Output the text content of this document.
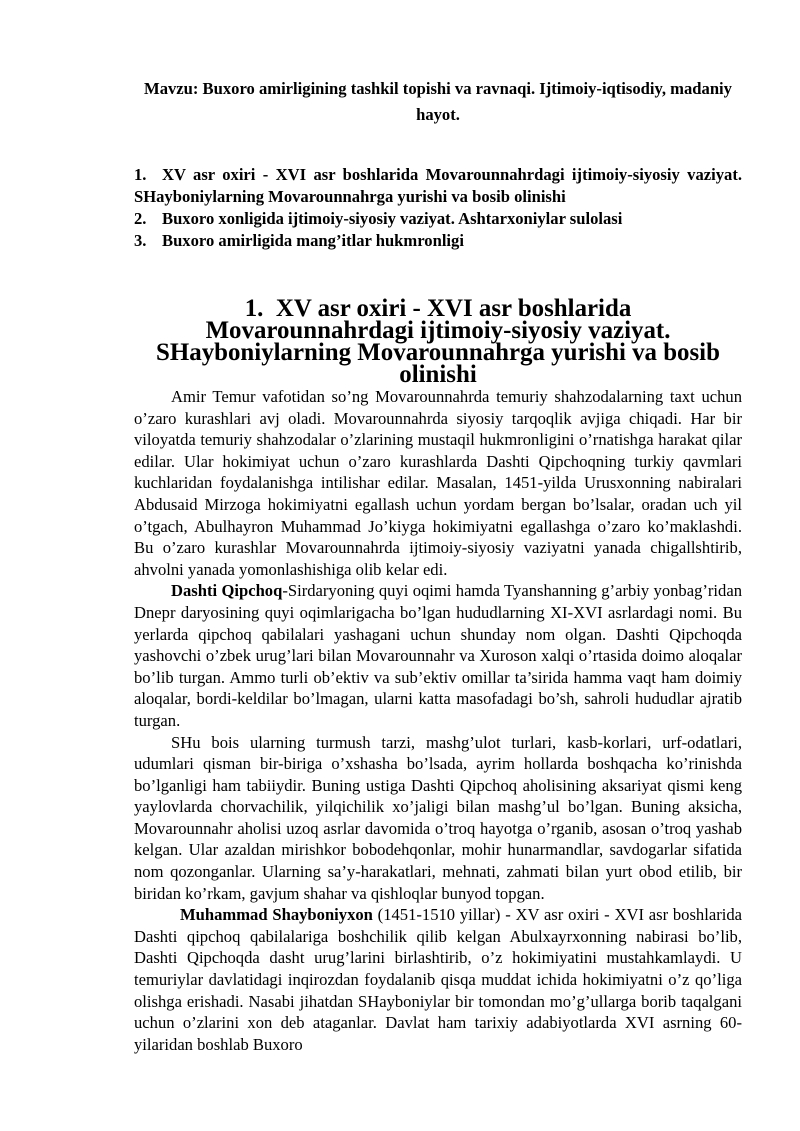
Mavzu: Buxoro amirligining tashkil topishi va ravnaqi. Ijtimoiy-iqtisodiy, madaniy hayot.
1. XV asr oxiri - XVI asr boshlarida Movarounnahrdagi ijtimoiy-siyosiy vaziyat. SHayboniylarning Movarounnahrga yurishi va bosib olinishi
2. Buxoro xonligida ijtimoiy-siyosiy vaziyat. Ashtarxoniylar sulolasi
3. Buxoro amirligida mang’itlar hukmronligi
1. XV asr oxiri - XVI asr boshlarida Movarounnahrdagi ijtimoiy-siyosiy vaziyat. SHayboniylarning Movarounnahrga yurishi va bosib olinishi

Amir Temur vafotidan so’ng Movarounnahrda temuriy shahzodalarning taxt uchun o’zaro kurashlari avj oladi. Movarounnahrda siyosiy tarqoqlik avjiga chiqadi. Har bir viloyatda temuriy shahzodalar o’zlarining mustaqil hukmronligini o’rnatishga harakat qilar edilar. Ular hokimiyat uchun o’zaro kurashlarda Dashti Qipchoqning turkiy qavmlari kuchlaridan foydalanishga intilishar edilar. Masalan, 1451-yilda Urusxonning nabiralari Abdusaid Mirzoga hokimiyatni egallash uchun yordam bergan bo’lsalar, oradan uch yil o’tgach, Abulhayron Muhammad Jo’kiyga hokimiyatni egallashga o’zaro ko’maklashdi. Bu o’zaro kurashlar Movarounnahrda ijtimoiy-siyosiy vaziyatni yanada chigallshtirib, ahvolni yanada yomonlashishiga olib kelar edi.

Dashti Qipchoq-Sirdaryoning quyi oqimi hamda Tyanshanning g’arbiy yonbag’ridan Dnepr daryosining quyi oqimlarigacha bo’lgan hududlarning XI-XVI asrlardagi nomi. Bu yerlarda qipchoq qabilalari yashagani uchun shunday nom olgan. Dashti Qipchoqda yashovchi o’zbek urug’lari bilan Movarounnahr va Xuroson xalqi o’rtasida doimo aloqalar bo’lib turgan. Ammo turli ob’ektiv va sub’ektiv omillar ta’sirida hamma vaqt ham doimiy aloqalar, bordi-keldilar bo’lmagan, ularni katta masofadagi bo’sh, sahroli hududlar ajratib turgan.

SHu bois ularning turmush tarzi, mashg’ulot turlari, kasb-korlari, urf-odatlari, udumlari qisman bir-biriga o’xshasha bo’lsada, ayrim hollarda boshqacha ko’rinishda bo’lganligi ham tabiiydir. Buning ustiga Dashti Qipchoq aholisining aksariyat qismi keng yaylovlarda chorvachilik, yilqichilik xo’jaligi bilan mashg’ul bo’lgan. Buning aksicha, Movarounnahr aholisi uzoq asrlar davomida o’troq hayotga o’rganib, asosan o’troq yashab kelgan. Ular azaldan mirishkor bobodehqonlar, mohir hunarmandlar, savdogarlar sifatida nom qozonganlar. Ularning sa’y-harakatlari, mehnati, zahmati bilan yurt obod etilib, bir biridan ko’rkam, gavjum shahar va qishloqlar bunyod topgan.

Muhammad Shayboniyxon (1451-1510 yillar) - XV asr oxiri - XVI asr boshlarida Dashti qipchoq qabilalariga boshchilik qilib kelgan Abulxayrxonning nabirasi bo’lib, Dashti Qipchoqda dasht urug’larini birlashtirib, o’z hokimiyatini mustahkamlaydi. U temuriylar davlatidagi inqirozdan foydalanib qisqa muddat ichida hokimiyatni o’z qo’liga olishga erishadi. Nasabi jihatdan SHayboniylar bir tomondan mo’g’ullarga borib taqalgani uchun o’zlarini xon deb ataganlar. Davlat ham tarixiy adabiyotlarda XVI asrning 60-yilaridan boshlab Buxoro
